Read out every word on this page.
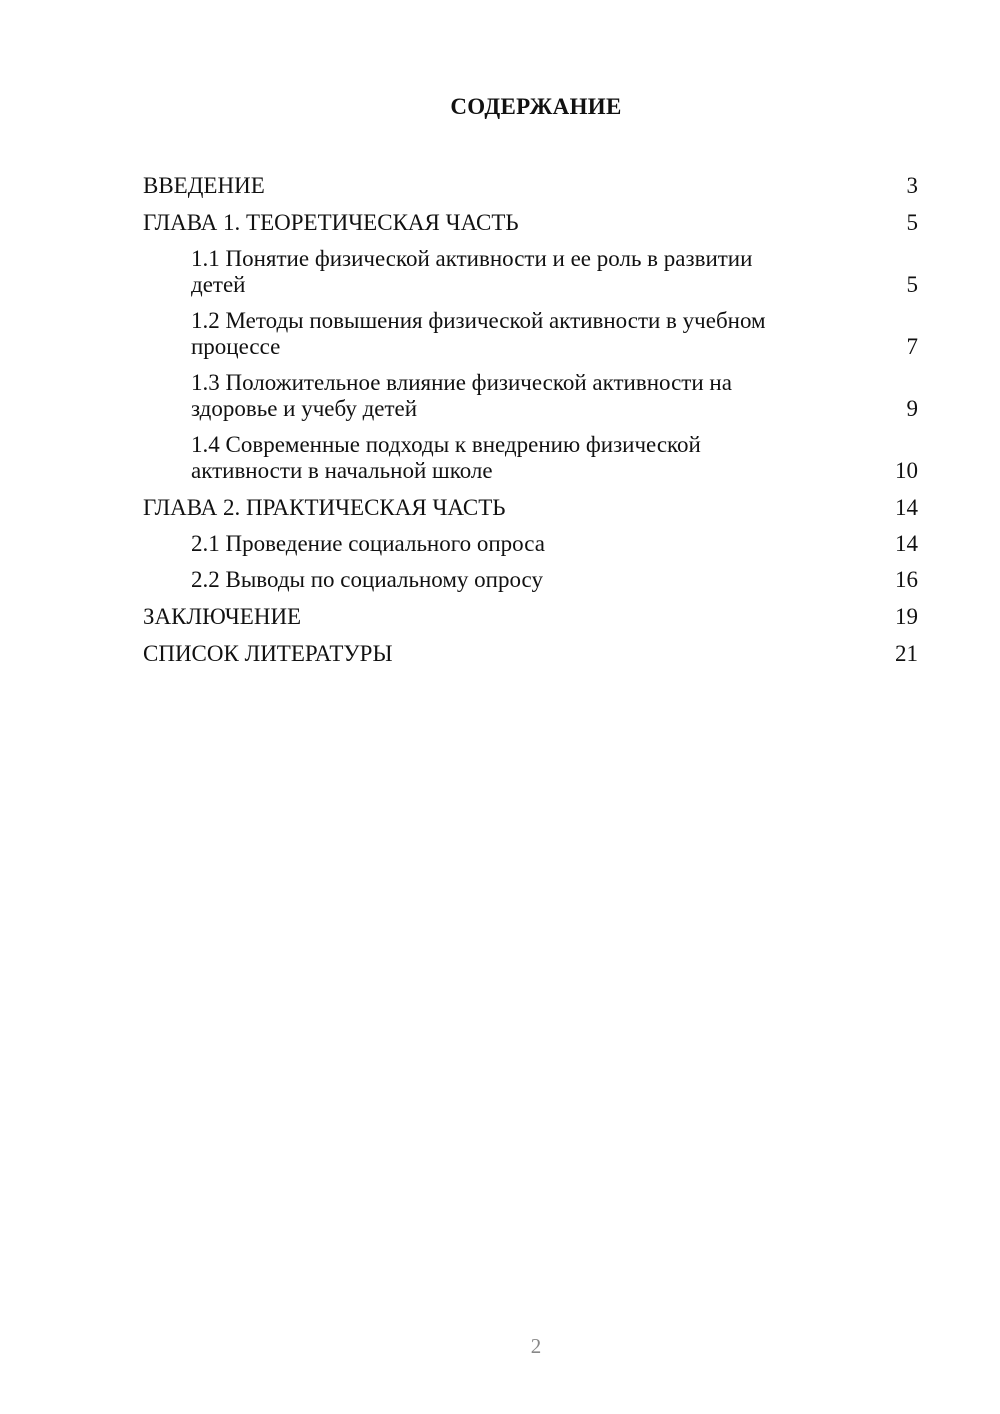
СОДЕРЖАНИЕ
ВВЕДЕНИЕ	3
ГЛАВА 1. ТЕОРЕТИЧЕСКАЯ ЧАСТЬ	5
1.1 Понятие физической активности и ее роль в развитии
детей	5
1.2 Методы повышения физической активности в учебном
процессе	7
1.3 Положительное влияние физической активности на
здоровье и учебу детей	9
1.4 Современные подходы к внедрению физической
активности в начальной школе	10
ГЛАВА 2. ПРАКТИЧЕСКАЯ ЧАСТЬ	14
2.1 Проведение социального опроса	14
2.2 Выводы по социальному опросу	16
ЗАКЛЮЧЕНИЕ	19
СПИСОК ЛИТЕРАТУРЫ	21
2
